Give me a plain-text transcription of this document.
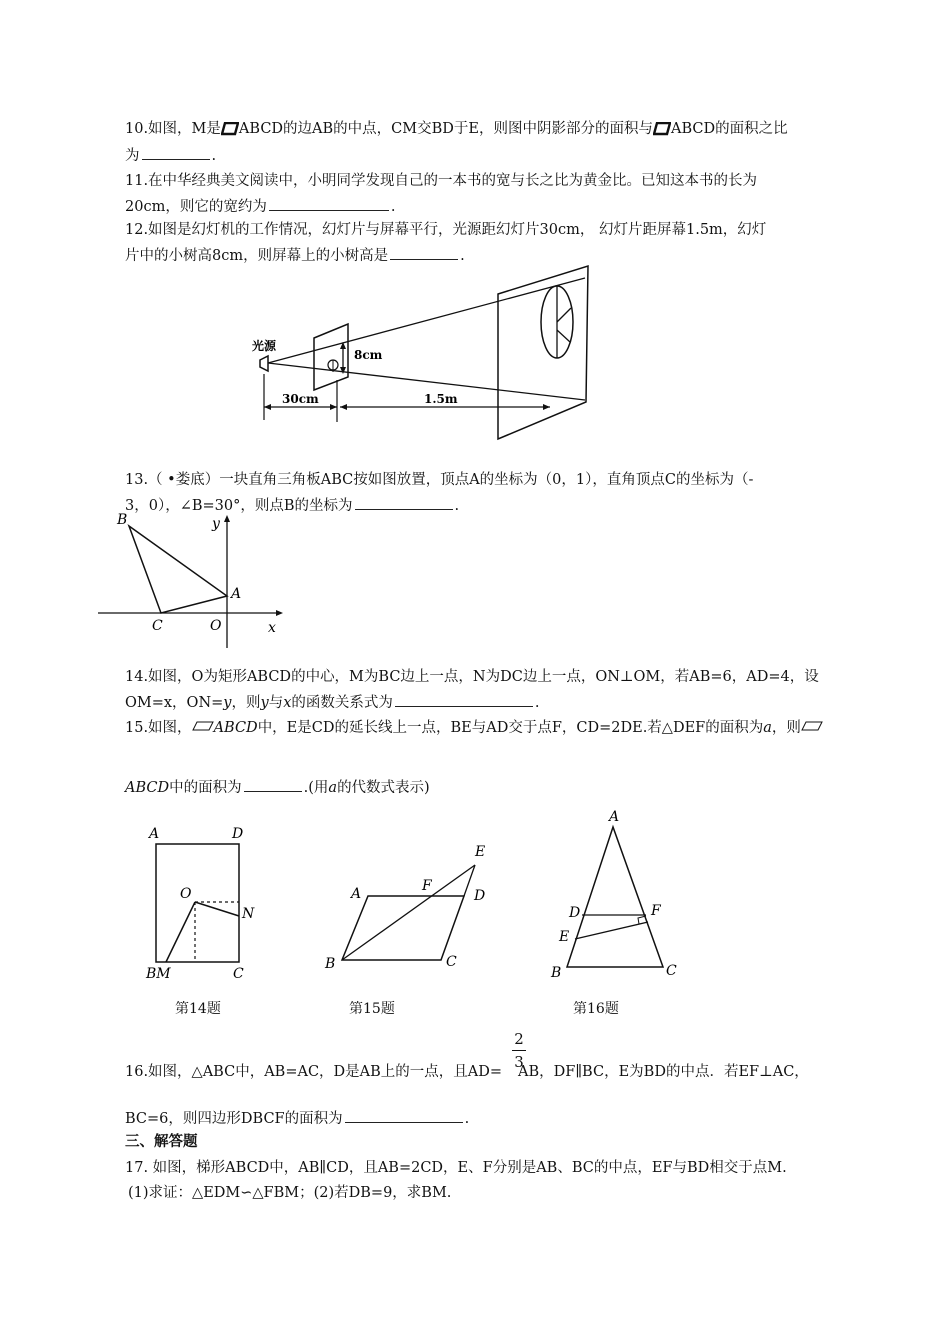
10.如图，M是 ABCD的边AB的中点，CM交BD于E，则图中阴影部分的面积与 ABCD的面积之比
为	.
11.在中华经典美文阅读中，小明同学发现自己的一本书的宽与长之比为黄金比。已知这本书的长为
20cm，则它的宽约为	.
12.如图是幻灯机的工作情况，幻灯片与屏幕平行，光源距幻灯片30cm， 幻灯片距屏幕1.5m，幻灯
片中的小树高8cm，则屏幕上的小树高是	.
光源
8cm
30cm	1.5m
13.（ •娄底）一块直角三角板ABC按如图放置，顶点A的坐标为（0，1），直角顶点C的坐标为（-
3，0），∠B=30°，则点B的坐标为	.
B	y
A
C	O	x
14.如图，O为矩形ABCD的中心，M为BC边上一点，N为DC边上一点，ON⊥OM，若AB=6，AD=4，设
OM=x，ON=y，则y与x的函数关系式为	.
15.如图， ABCD中，E是CD的延长线上一点，BE与AD交于点F，CD=2DE.若△DEF的面积为a，则
ABCD中的面积为	.(用a的代数式表示)
A	D
O
N
BM	C
第14题
A	F
E
D
B	C
第15题
A
D	F
E
B	C
第16题
2
3
16.如图，△ABC中，AB=AC，D是AB上的一点，且AD= AB，DF∥BC，E为BD的中点．若EF⊥AC，
BC=6，则四边形DBCF的面积为	.
三、解答题
17. 如图，梯形ABCD中，AB∥CD，且AB=2CD，E、F分别是AB、BC的中点，EF与BD相交于点M.
(1)求证：△EDM∽△FBM；(2)若DB=9，求BM.
